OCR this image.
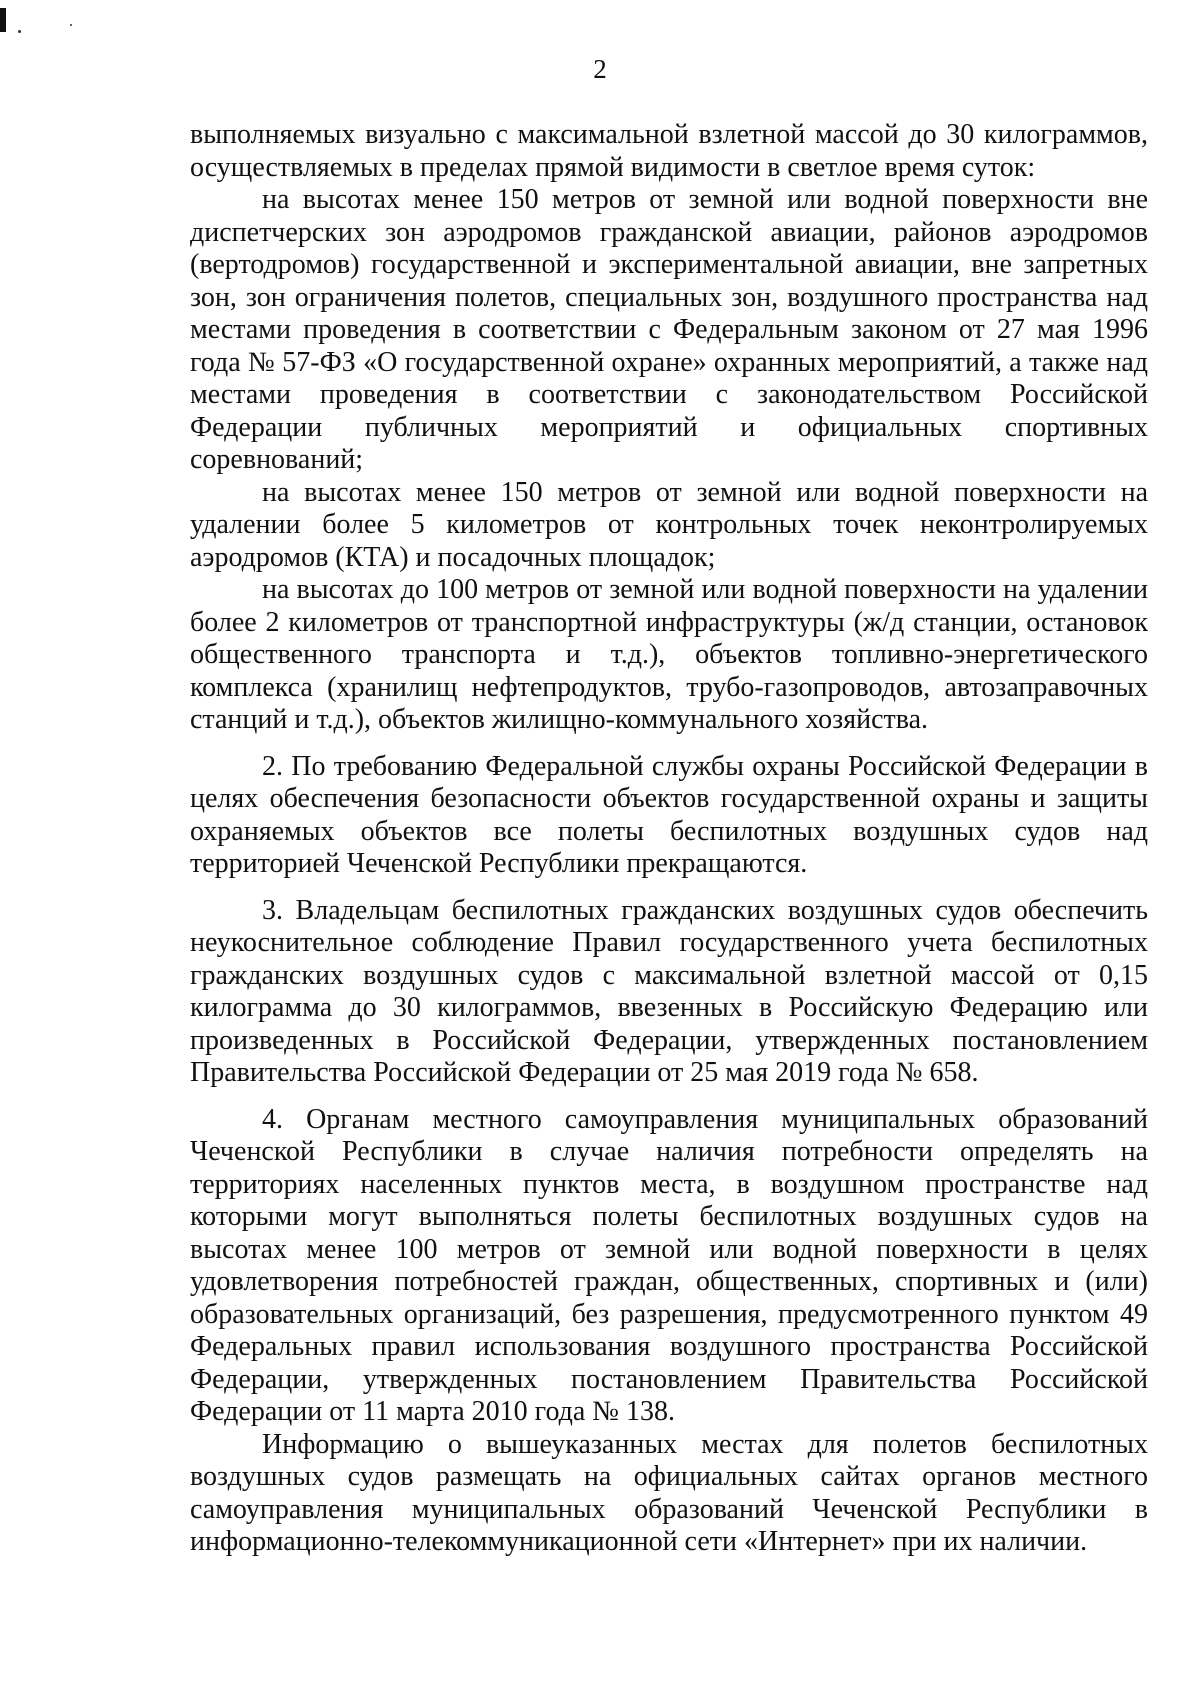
2

выполняемых визуально с максимальной взлетной массой до 30 килограммов, осуществляемых в пределах прямой видимости в светлое время суток:

на высотах менее 150 метров от земной или водной поверхности вне диспетчерских зон аэродромов гражданской авиации, районов аэродромов (вертодромов) государственной и экспериментальной авиации, вне запретных зон, зон ограничения полетов, специальных зон, воздушного пространства над местами проведения в соответствии с Федеральным законом от 27 мая 1996 года № 57-ФЗ «О государственной охране» охранных мероприятий, а также над местами проведения в соответствии с законодательством Российской Федерации публичных мероприятий и официальных спортивных соревнований;

на высотах менее 150 метров от земной или водной поверхности на удалении более 5 километров от контрольных точек неконтролируемых аэродромов (КТА) и посадочных площадок;

на высотах до 100 метров от земной или водной поверхности на удалении более 2 километров от транспортной инфраструктуры (ж/д станции, остановок общественного транспорта и т.д.), объектов топливно-энергетического комплекса (хранилищ нефтепродуктов, трубо-газопроводов, автозаправочных станций и т.д.), объектов жилищно-коммунального хозяйства.

2. По требованию Федеральной службы охраны Российской Федерации в целях обеспечения безопасности объектов государственной охраны и защиты охраняемых объектов все полеты беспилотных воздушных судов над территорией Чеченской Республики прекращаются.

3. Владельцам беспилотных гражданских воздушных судов обеспечить неукоснительное соблюдение Правил государственного учета беспилотных гражданских воздушных судов с максимальной взлетной массой от 0,15 килограмма до 30 килограммов, ввезенных в Российскую Федерацию или произведенных в Российской Федерации, утвержденных постановлением Правительства Российской Федерации от 25 мая 2019 года № 658.

4. Органам местного самоуправления муниципальных образований Чеченской Республики в случае наличия потребности определять на территориях населенных пунктов места, в воздушном пространстве над которыми могут выполняться полеты беспилотных воздушных судов на высотах менее 100 метров от земной или водной поверхности в целях удовлетворения потребностей граждан, общественных, спортивных и (или) образовательных организаций, без разрешения, предусмотренного пунктом 49 Федеральных правил использования воздушного пространства Российской Федерации, утвержденных постановлением Правительства Российской Федерации от 11 марта 2010 года № 138.

Информацию о вышеуказанных местах для полетов беспилотных воздушных судов размещать на официальных сайтах органов местного самоуправления муниципальных образований Чеченской Республики в информационно-телекоммуникационной сети «Интернет» при их наличии.
